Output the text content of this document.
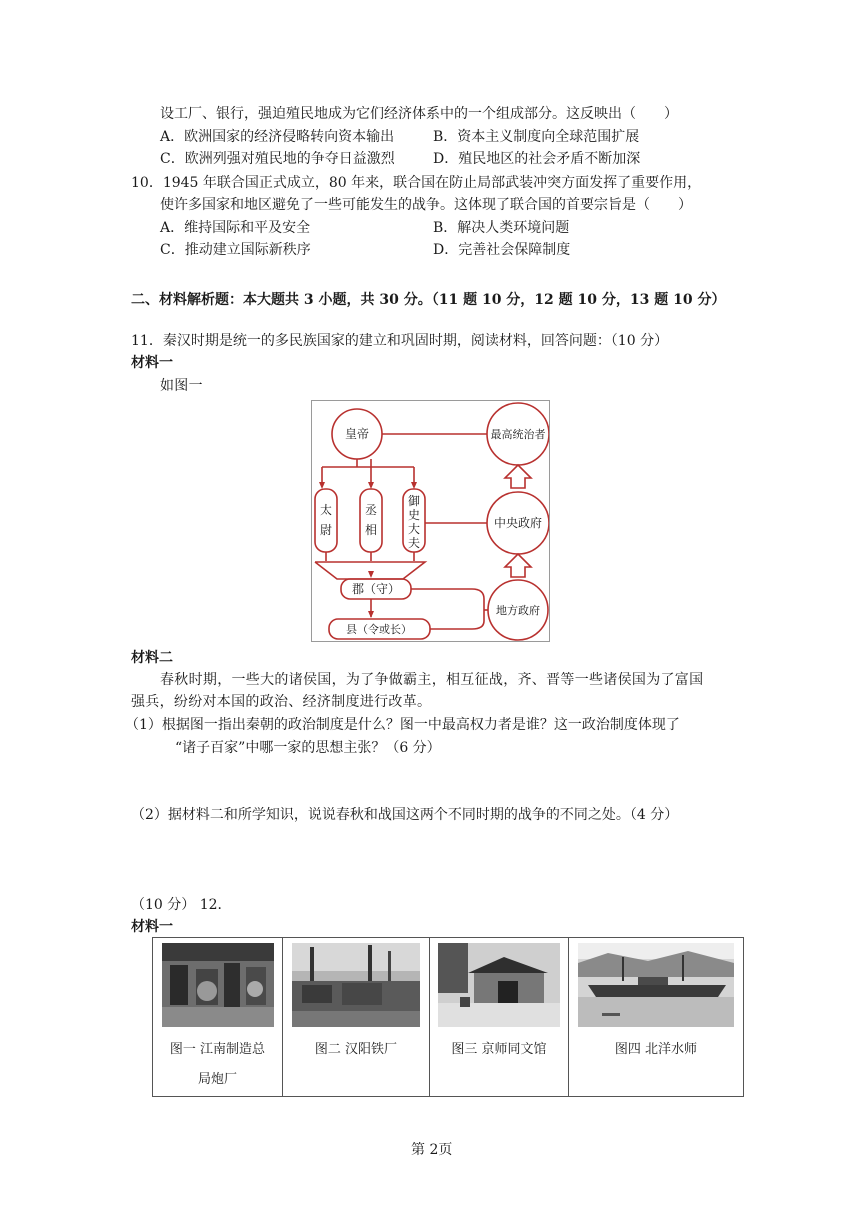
设工厂、银行，强迫殖民地成为它们经济体系中的一个组成部分。这反映出（　　）
A．欧洲国家的经济侵略转向资本输出	B．资本主义制度向全球范围扩展
C．欧洲列强对殖民地的争夺日益激烈	D．殖民地区的社会矛盾不断加深
10．1945 年联合国正式成立，80 年来，联合国在防止局部武装冲突方面发挥了重要作用，
使许多国家和地区避免了一些可能发生的战争。这体现了联合国的首要宗旨是（　　）
A．维持国际和平及安全	B．解决人类环境问题
C．推动建立国际新秩序	D．完善社会保障制度
二、材料解析题：本大题共 3 小题，共 30 分。（11 题 10 分，12 题 10 分，13 题 10 分）
11．秦汉时期是统一的多民族国家的建立和巩固时期，阅读材料，回答问题：（10 分）
材料一
如图一
皇帝	最高统治者
中央政府
地方政府
郡（守）
县（令或长）
太尉
丞相
御史大夫
材料二
春秋时期，一些大的诸侯国，为了争做霸主，相互征战，齐、晋等一些诸侯国为了富国
强兵，纷纷对本国的政治、经济制度进行改革。
（1）根据图一指出秦朝的政治制度是什么？图一中最高权力者是谁？这一政治制度体现了
“诸子百家”中哪一家的思想主张？（6 分）
（2）据材料二和所学知识，说说春秋和战国这两个不同时期的战争的不同之处。（4 分）
（10 分） 12．
材料一
图一 江南制造总
局炮厂

图二 汉阳铁厂	图三 京师同文馆	图四 北洋水师
第 2页
